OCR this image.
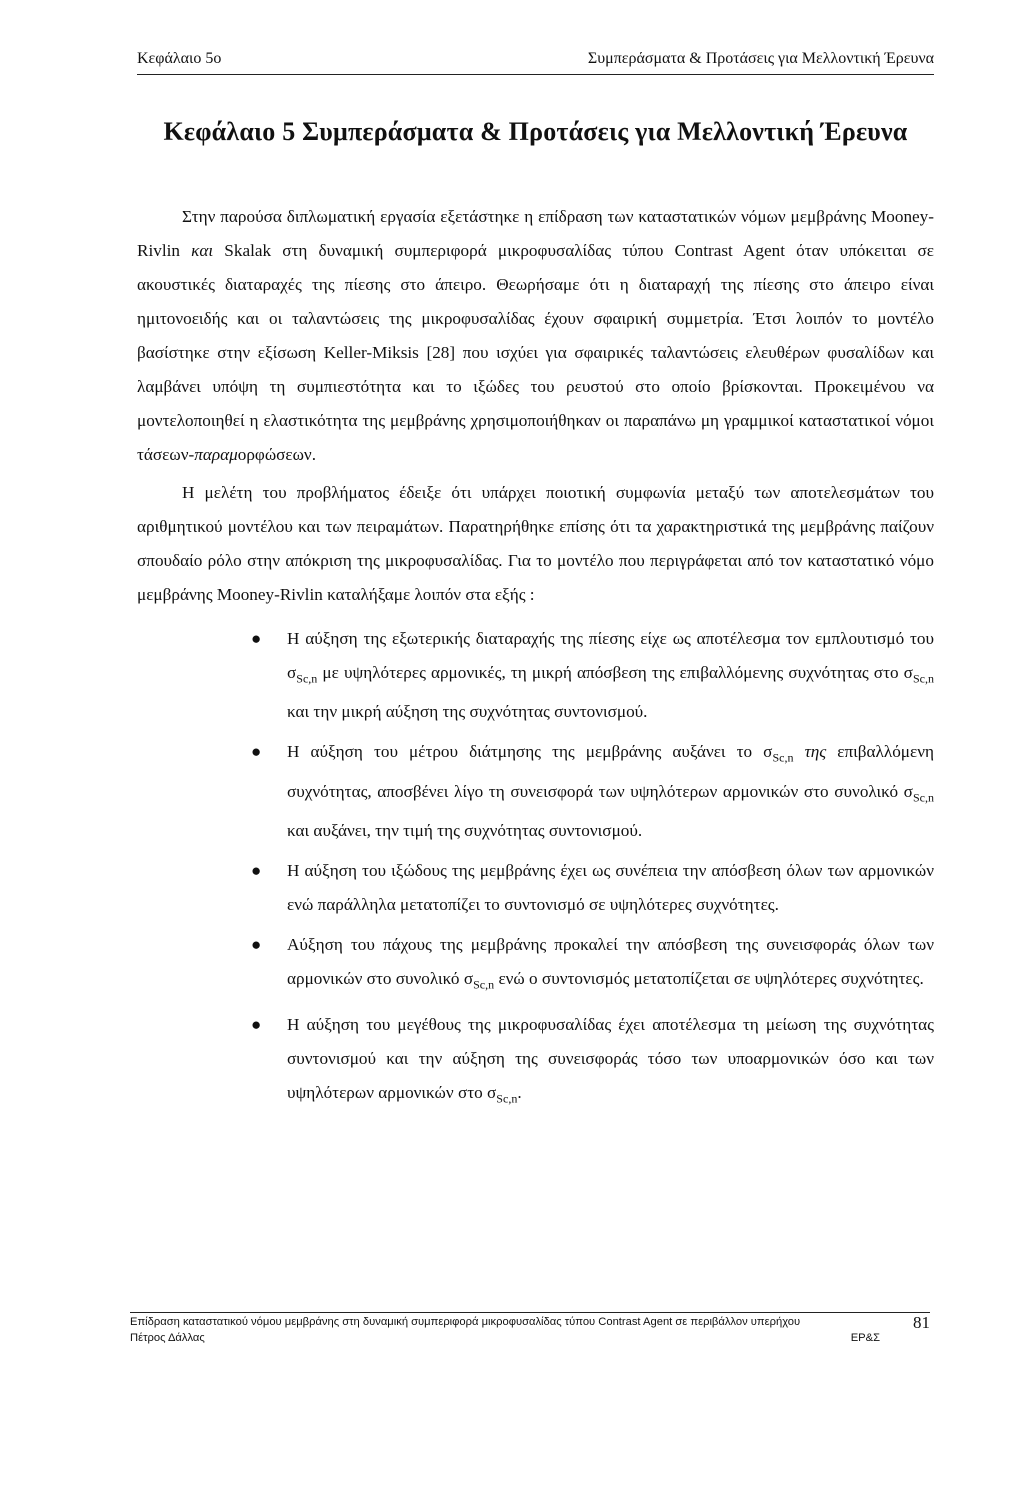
Κεφάλαιο 5ο	Συμπεράσματα & Προτάσεις για Μελλοντική Έρευνα
Κεφάλαιο 5 Συμπεράσματα & Προτάσεις για Μελλοντική Έρευνα

Στην παρούσα διπλωματική εργασία εξετάστηκε η επίδραση των καταστατικών νόμων μεμβράνης Mooney-Rivlin και Skalak στη δυναμική συμπεριφορά μικροφυσαλίδας τύπου Contrast Agent όταν υπόκειται σε ακουστικές διαταραχές της πίεσης στο άπειρο. Θεωρήσαμε ότι η διαταραχή της πίεσης στο άπειρο είναι ημιτονοειδής και οι ταλαντώσεις της μικροφυσαλίδας έχουν σφαιρική συμμετρία. Έτσι λοιπόν το μοντέλο βασίστηκε στην εξίσωση Keller-Miksis [28] που ισχύει για σφαιρικές ταλαντώσεις ελευθέρων φυσαλίδων και λαμβάνει υπόψη τη συμπιεστότητα και το ιξώδες του ρευστού στο οποίο βρίσκονται. Προκειμένου να μοντελοποιηθεί η ελαστικότητα της μεμβράνης χρησιμοποιήθηκαν οι παραπάνω μη γραμμικοί καταστατικοί νόμοι τάσεων-παραμορφώσεων.

Η μελέτη του προβλήματος έδειξε ότι υπάρχει ποιοτική συμφωνία μεταξύ των αποτελεσμάτων του αριθμητικού μοντέλου και των πειραμάτων. Παρατηρήθηκε επίσης ότι τα χαρακτηριστικά της μεμβράνης παίζουν σπουδαίο ρόλο στην απόκριση της μικροφυσαλίδας. Για το μοντέλο που περιγράφεται από τον καταστατικό νόμο μεμβράνης Mooney-Rivlin καταλήξαμε λοιπόν στα εξής :

● Η αύξηση της εξωτερικής διαταραχής της πίεσης είχε ως αποτέλεσμα τον εμπλουτισμό του $\sigma_{Sc,n}$ με υψηλότερες αρμονικές, τη μικρή απόσβεση της επιβαλλόμενης συχνότητας στο $\sigma_{Sc,n}$ και την μικρή αύξηση της συχνότητας συντονισμού.
● Η αύξηση του μέτρου διάτμησης της μεμβράνης αυξάνει το $\sigma_{Sc,n}$ της επιβαλλόμενη συχνότητας, αποσβένει λίγο τη συνεισφορά των υψηλότερων αρμονικών στο συνολικό $\sigma_{Sc,n}$ και αυξάνει, την τιμή της συχνότητας συντονισμού.
● Η αύξηση του ιξώδους της μεμβράνης έχει ως συνέπεια την απόσβεση όλων των αρμονικών ενώ παράλληλα μετατοπίζει το συντονισμό σε υψηλότερες συχνότητες.
● Αύξηση του πάχους της μεμβράνης προκαλεί την απόσβεση της συνεισφοράς όλων των αρμονικών στο συνολικό $\sigma_{Sc,n}$ ενώ ο συντονισμός μετατοπίζεται σε υψηλότερες συχνότητες.
● Η αύξηση του μεγέθους της μικροφυσαλίδας έχει αποτέλεσμα τη μείωση της συχνότητας συντονισμού και την αύξηση της συνεισφοράς τόσο των υποαρμονικών όσο και των υψηλότερων αρμονικών στο $\sigma_{Sc,n}$.
Επίδραση καταστατικού νόμου μεμβράνης στη δυναμική συμπεριφορά μικροφυσαλίδας τύπου Contrast Agent σε περιβάλλον υπερήχου	81
Πέτρος Δάλλας	ΕΡ&Σ
